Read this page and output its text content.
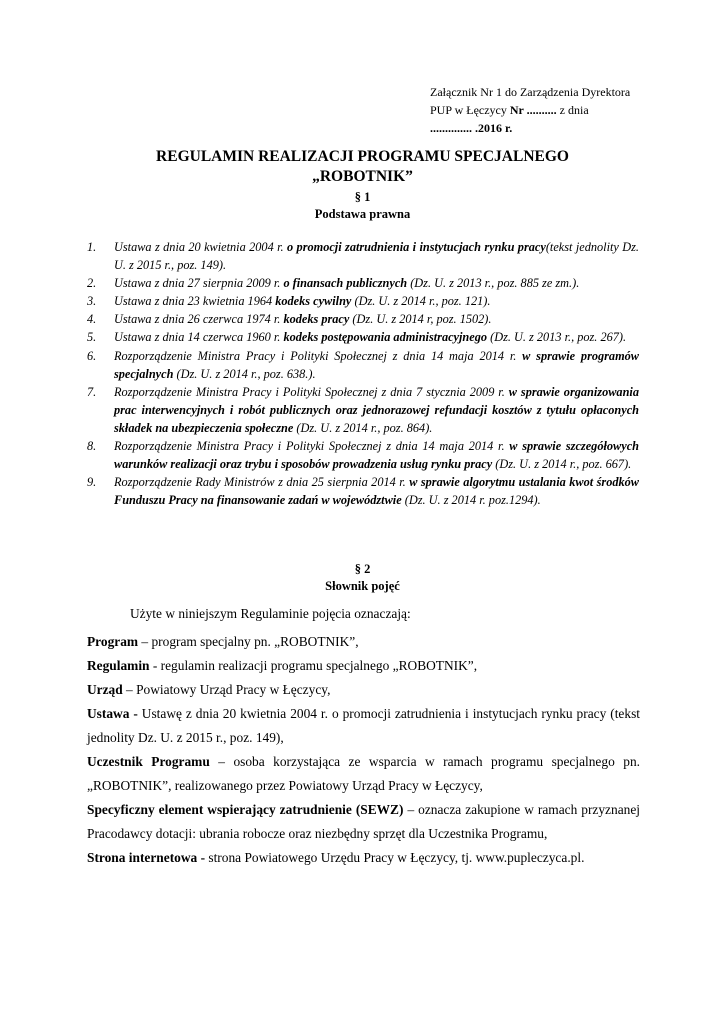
Załącznik Nr 1 do Zarządzenia Dyrektora
PUP w Łęczycy Nr .......... z dnia
.............. .2016 r.
REGULAMIN REALIZACJI PROGRAMU SPECJALNEGO
„ROBOTNIK”
§ 1
Podstawa prawna
1. Ustawa z dnia 20 kwietnia 2004 r. o promocji zatrudnienia i instytucjach rynku pracy(tekst jednolity Dz. U. z 2015 r., poz. 149).
2. Ustawa z dnia 27 sierpnia 2009 r. o finansach publicznych (Dz. U. z 2013 r., poz. 885 ze zm.).
3. Ustawa z dnia 23 kwietnia 1964 kodeks cywilny (Dz. U. z 2014 r., poz. 121).
4. Ustawa z dnia 26 czerwca 1974 r. kodeks pracy (Dz. U. z 2014 r, poz. 1502).
5. Ustawa z dnia 14 czerwca 1960 r. kodeks postępowania administracyjnego (Dz. U. z 2013 r., poz. 267).
6. Rozporządzenie Ministra Pracy i Polityki Społecznej z dnia 14 maja 2014 r. w sprawie programów specjalnych (Dz. U. z 2014 r., poz. 638.).
7. Rozporządzenie Ministra Pracy i Polityki Społecznej z dnia 7 stycznia 2009 r. w sprawie organizowania prac interwencyjnych i robót publicznych oraz jednorazowej refundacji kosztów z tytułu opłaconych składek na ubezpieczenia społeczne (Dz. U. z 2014 r., poz. 864).
8. Rozporządzenie Ministra Pracy i Polityki Społecznej z dnia 14 maja 2014 r. w sprawie szczegółowych warunków realizacji oraz trybu i sposobów prowadzenia usług rynku pracy (Dz. U. z 2014 r., poz. 667).
9. Rozporządzenie Rady Ministrów z dnia 25 sierpnia 2014 r. w sprawie algorytmu ustalania kwot środków Funduszu Pracy na finansowanie zadań w województwie (Dz. U. z 2014 r. poz.1294).
§ 2
Słownik pojęć
Użyte w niniejszym Regulaminie pojęcia oznaczają:
Program – program specjalny pn. „ROBOTNIK”,
Regulamin - regulamin realizacji programu specjalnego „ROBOTNIK”,
Urząd – Powiatowy Urząd Pracy w Łęczycy,
Ustawa - Ustawę z dnia 20 kwietnia 2004 r. o promocji zatrudnienia i instytucjach rynku pracy (tekst jednolity Dz. U. z 2015 r., poz. 149),
Uczestnik Programu – osoba korzystająca ze wsparcia w ramach programu specjalnego pn. „ROBOTNIK”, realizowanego przez Powiatowy Urząd Pracy w Łęczycy,
Specyficzny element wspierający zatrudnienie (SEWZ) – oznacza zakupione w ramach przyznanej Pracodawcy dotacji: ubrania robocze oraz niezbędny sprzęt dla Uczestnika Programu,
Strona internetowa - strona Powiatowego Urzędu Pracy w Łęczycy, tj. www.pupleczyca.pl.
